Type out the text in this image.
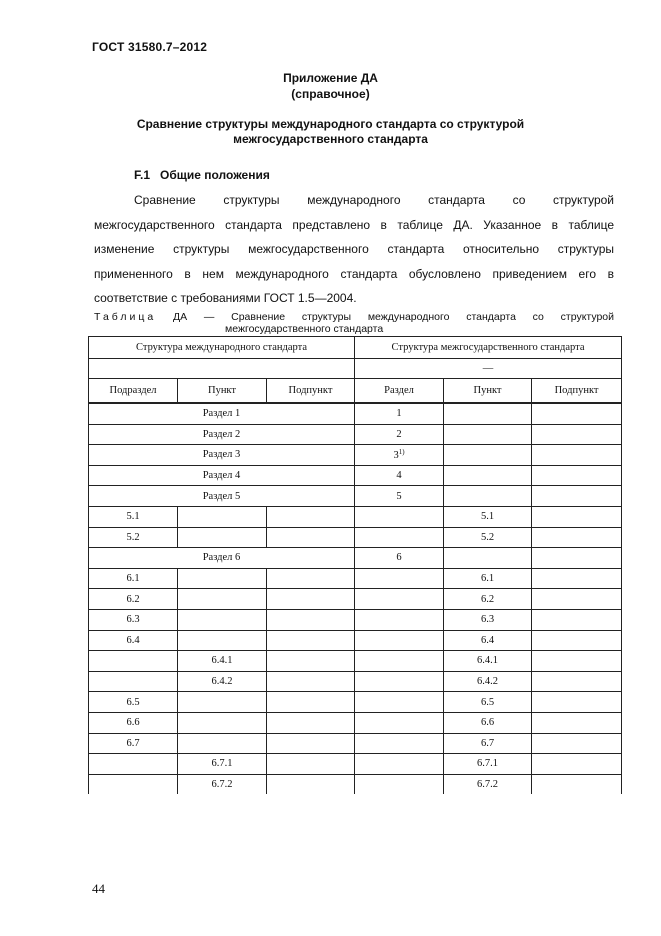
ГОСТ 31580.7–2012
Приложение ДА
(справочное)
Сравнение структуры международного стандарта со структурой
межгосударственного стандарта
F.1 Общие положения

Сравнение структуры международного стандарта со структурой

межгосударственного стандарта представлено в таблице ДА. Указанное в таблице

изменение структуры межгосударственного стандарта относительно структуры

примененного в нем международного стандарта обусловлено приведением его в

соответствие с требованиями ГОСТ 1.5—2004.

Таблица ДА — Сравнение структуры международного стандарта со структурой
межгосударственного стандарта
Структура международного стандарта			Структура межгосударственного стандарта		
			—		
Подраздел	Пункт	Подпункт	Раздел	Пункт	Подпункт
Раздел 1			1		
Раздел 2			2		
Раздел 3			3$^{1)}$		
Раздел 4			4		
Раздел 5			5		
5.1				5.1	
5.2				5.2	
Раздел 6			6		
6.1				6.1	
6.2				6.2	
6.3				6.3	
6.4				6.4	
	6.4.1			6.4.1	
	6.4.2			6.4.2	
6.5				6.5	
6.6				6.6	
6.7				6.7	
	6.7.1			6.7.1	
	6.7.2			6.7.2	
44
